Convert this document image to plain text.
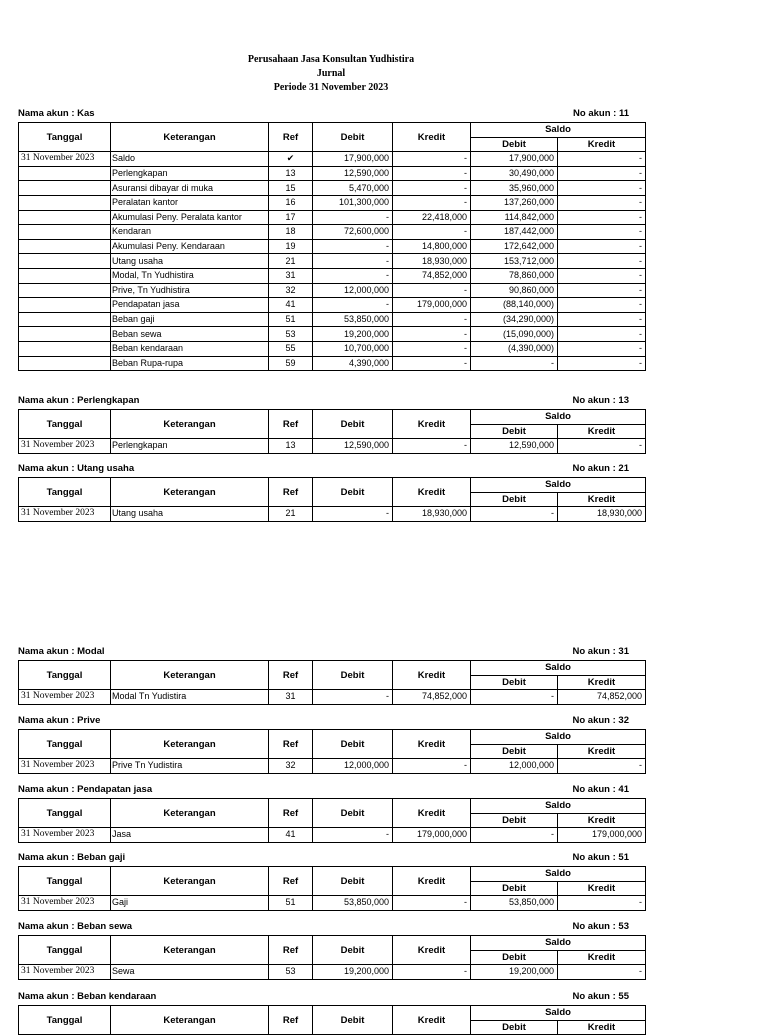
Perusahaan Jasa Konsultan Yudhistira
Jurnal
Periode 31 November 2023
Nama akun : Kas	No akun : 11
Tanggal	Keterangan	Ref	Debit	Kredit	Saldo	
					Debit	Kredit
31 November 2023	Saldo	✔	17,900,000	-	17,900,000	-
	Perlengkapan	13	12,590,000	-	30,490,000	-
	Asuransi dibayar di muka	15	5,470,000	-	35,960,000	-
	Peralatan kantor	16	101,300,000	-	137,260,000	-
	Akumulasi Peny. Peralata kantor	17	-	22,418,000	114,842,000	-
	Kendaran	18	72,600,000	-	187,442,000	-
	Akumulasi Peny. Kendaraan	19	-	14,800,000	172,642,000	-
	Utang usaha	21	-	18,930,000	153,712,000	-
	Modal, Tn Yudhistira	31	-	74,852,000	78,860,000	-
	Prive, Tn Yudhistira	32	12,000,000	-	90,860,000	-
	Pendapatan jasa	41	-	179,000,000	(88,140,000)	-
	Beban gaji	51	53,850,000	-	(34,290,000)	-
	Beban sewa	53	19,200,000	-	(15,090,000)	-
	Beban kendaraan	55	10,700,000	-	(4,390,000)	-
	Beban Rupa-rupa	59	4,390,000	-	-	-
Nama akun : Perlengkapan	No akun : 13
Tanggal	Keterangan	Ref	Debit	Kredit	Saldo	
					Debit	Kredit
31 November 2023	Perlengkapan	13	12,590,000	-	12,590,000	-
Nama akun : Utang usaha	No akun : 21
Tanggal	Keterangan	Ref	Debit	Kredit	Saldo	
					Debit	Kredit
31 November 2023	Utang usaha	21	-	18,930,000	-	18,930,000
Nama akun : Modal	No akun : 31
Tanggal	Keterangan	Ref	Debit	Kredit	Saldo	
					Debit	Kredit
31 November 2023	Modal Tn Yudistira	31	-	74,852,000	-	74,852,000
Nama akun : Prive	No akun : 32
Tanggal	Keterangan	Ref	Debit	Kredit	Saldo	
					Debit	Kredit
31 November 2023	Prive Tn Yudistira	32	12,000,000	-	12,000,000	-
Nama akun : Pendapatan jasa	No akun : 41
Tanggal	Keterangan	Ref	Debit	Kredit	Saldo	
					Debit	Kredit
31 November 2023	Jasa	41	-	179,000,000	-	179,000,000
Nama akun : Beban gaji	No akun : 51
Tanggal	Keterangan	Ref	Debit	Kredit	Saldo	
					Debit	Kredit
31 November 2023	Gaji	51	53,850,000	-	53,850,000	-
Nama akun : Beban sewa	No akun : 53
Tanggal	Keterangan	Ref	Debit	Kredit	Saldo	
					Debit	Kredit
31 November 2023	Sewa	53	19,200,000	-	19,200,000	-
Nama akun : Beban kendaraan	No akun : 55
Tanggal	Keterangan	Ref	Debit	Kredit	Saldo	
					Debit	Kredit
